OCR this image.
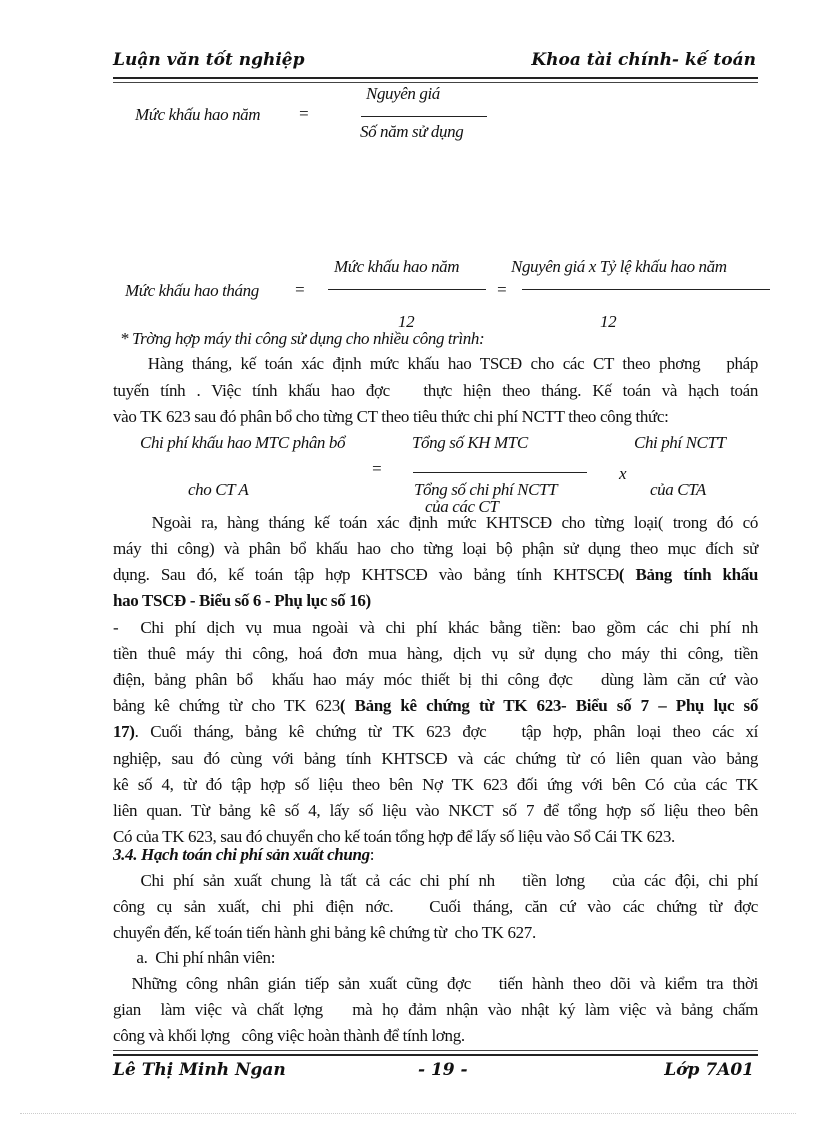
Luận văn tốt nghiệp	Khoa tài chính- kế toán
Mức khấu hao năm =
Nguyên giá
Số năm sử dụng
Mức khấu hao tháng =
Mức khấu hao năm
12
=
Nguyên giá x Tỷ lệ khấu hao năm
12
* Trờng hợp máy thi công sử dụng cho nhiều công trình:
Hàng tháng, kế toán xác định mức khấu hao TSCĐ cho các CT theo phơng   pháp
tuyến tính . Việc tính khấu hao đợc   thực hiện theo tháng. Kế toán và hạch toán
vào TK 623 sau đó phân bổ cho từng CT theo tiêu thức chi phí NCTT theo công thức:
Chi phí khấu hao MTC phân bổ
cho CT A
=
Tổng số KH MTC
Tổng số chi phí NCTT
của các CT
x
Chi phí NCTT
của CTA
Ngoài ra, hàng tháng kế toán xác định mức KHTSCĐ cho từng loại( trong đó có
máy thi công) và phân bổ khấu hao cho từng loại bộ phận sử dụng theo mục đích sử
dụng. Sau đó, kế toán tập hợp KHTSCĐ vào bảng tính KHTSCĐ( Bảng tính khấu
hao TSCĐ - Biểu số 6 - Phụ lục số 16)
-  Chi phí dịch vụ mua ngoài và chi phí khác bằng tiền: bao gồm các chi phí nh
tiền thuê máy thi công, hoá đơn mua hàng, dịch vụ sử dụng cho máy thi công, tiền
điện, bảng phân bổ  khấu hao máy móc thiết bị thi công đợc   dùng làm căn cứ vào
bảng kê chứng từ cho TK 623( Bảng kê chứng từ TK 623- Biểu số 7 – Phụ lục số
17). Cuối tháng, bảng kê chứng từ TK 623 đợc   tập hợp, phân loại theo các xí
nghiệp, sau đó cùng với bảng tính KHTSCĐ và các chứng từ có liên quan vào bảng
kê số 4, từ đó tập hợp số liệu theo bên Nợ TK 623 đối ứng với bên Có của các TK
liên quan. Từ bảng kê số 4, lấy số liệu vào NKCT số 7 để tổng hợp số liệu theo bên
Có của TK 623, sau đó chuyển cho kế toán tổng hợp để lấy số liệu vào Sổ Cái TK 623.
3.4. Hạch toán chi phí sản xuất chung:
Chi phí sản xuất chung là tất cả các chi phí nh   tiền lơng   của các đội, chi phí
công cụ sản xuất, chi phi điện nớc.   Cuối tháng, căn cứ vào các chứng từ đợc
chuyển đến, kế toán tiến hành ghi bảng kê chứng từ  cho TK 627.
a.  Chi phí nhân viên:
Những công nhân gián tiếp sản xuất cũng đợc   tiến hành theo dõi và kiểm tra thời
gian  làm việc và chất lợng   mà họ đảm nhận vào nhật ký làm việc và bảng chấm
công và khối lợng   công việc hoàn thành để tính lơng.
Lê Thị Minh Ngan	- 19 -	Lớp 7A01
